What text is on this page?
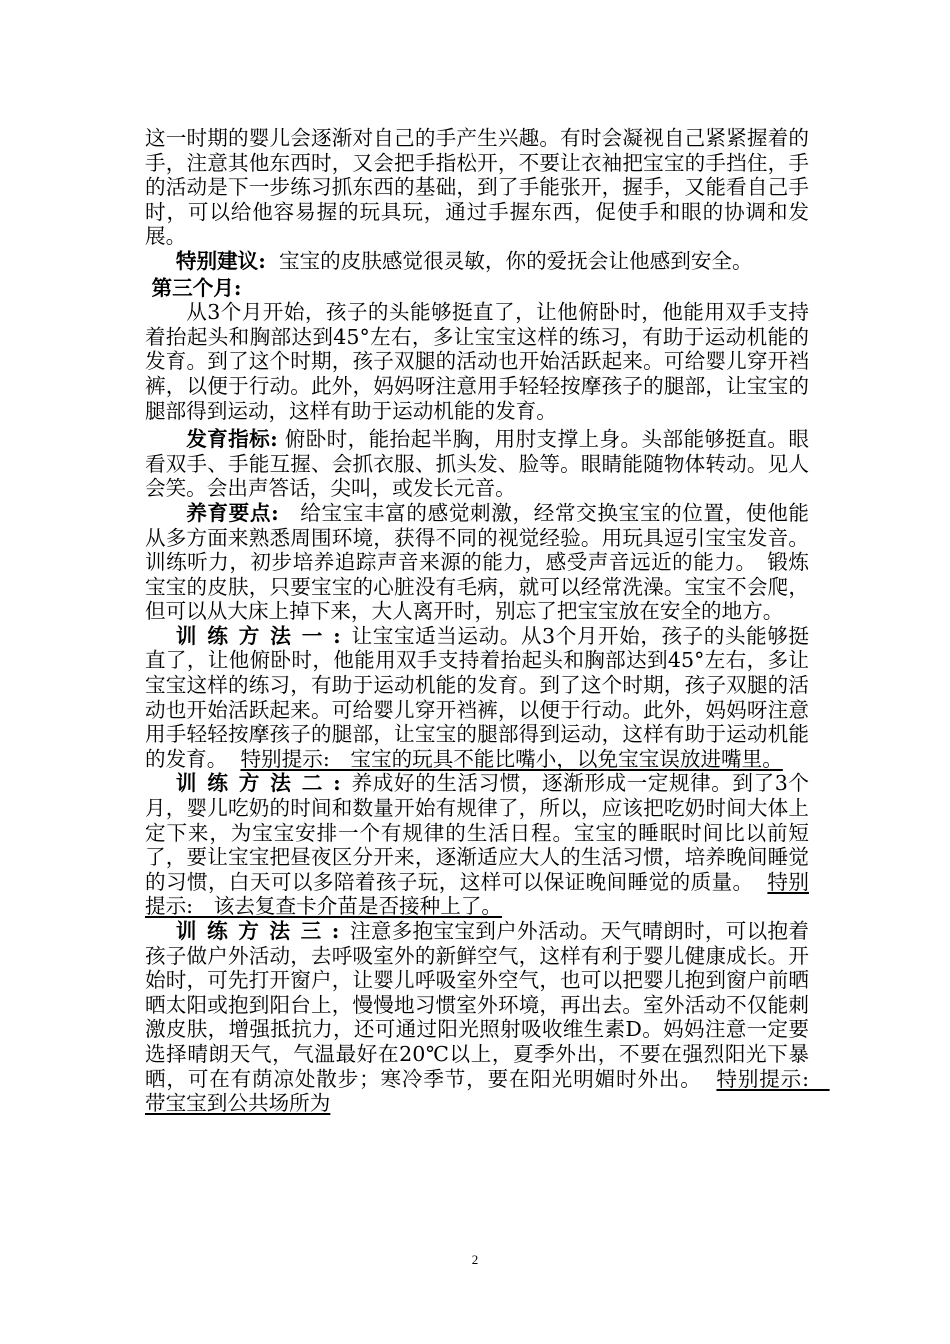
这一时期的婴儿会逐渐对自己的手产生兴趣。有时会凝视自己紧紧握着的手，注意其他东西时，又会把手指松开，不要让衣袖把宝宝的手挡住，手的活动是下一步练习抓东西的基础，到了手能张开，握手，又能看自己手时，可以给他容易握的玩具玩，通过手握东西，促使手和眼的协调和发展。

特别建议: 宝宝的皮肤感觉很灵敏，你的爱抚会让他感到安全。

第三个月:

从3个月开始，孩子的头能够挺直了，让他俯卧时，他能用双手支持着抬起头和胸部达到45°左右，多让宝宝这样的练习，有助于运动机能的发育。到了这个时期，孩子双腿的活动也开始活跃起来。可给婴儿穿开裆裤，以便于行动。此外，妈妈呀注意用手轻轻按摩孩子的腿部，让宝宝的腿部得到运动，这样有助于运动机能的发育。

发育指标: 俯卧时，能抬起半胸，用肘支撑上身。头部能够挺直。眼看双手、手能互握、会抓衣服、抓头发、脸等。眼睛能随物体转动。见人会笑。会出声答话，尖叫，或发长元音。

养育要点: 给宝宝丰富的感觉刺激，经常交换宝宝的位置，使他能从多方面来熟悉周围环境，获得不同的视觉经验。用玩具逗引宝宝发音。训练听力，初步培养追踪声音来源的能力，感受声音远近的能力。　锻炼宝宝的皮肤，只要宝宝的心脏没有毛病，就可以经常洗澡。宝宝不会爬，但可以从大床上掉下来，大人离开时，别忘了把宝宝放在安全的地方。

训练方法一:让宝宝适当运动。从3个月开始，孩子的头能够挺直了，让他俯卧时，他能用双手支持着抬起头和胸部达到45°左右，多让宝宝这样的练习，有助于运动机能的发育。到了这个时期，孩子双腿的活动也开始活跃起来。可给婴儿穿开裆裤，以便于行动。此外，妈妈呀注意用手轻轻按摩孩子的腿部，让宝宝的腿部得到运动，这样有助于运动机能的发育。 特别提示:　宝宝的玩具不能比嘴小，以免宝宝误放进嘴里。

训练方法二:养成好的生活习惯，逐渐形成一定规律。到了3个月，婴儿吃奶的时间和数量开始有规律了，所以，应该把吃奶时间大体上定下来，为宝宝安排一个有规律的生活日程。宝宝的睡眠时间比以前短了，要让宝宝把昼夜区分开来，逐渐适应大人的生活习惯，培养晚间睡觉的习惯，白天可以多陪着孩子玩，这样可以保证晚间睡觉的质量。 特别提示:　该去复查卡介苗是否接种上了。

训练方法三:注意多抱宝宝到户外活动。天气晴朗时，可以抱着孩子做户外活动，去呼吸室外的新鲜空气，这样有利于婴儿健康成长。开始时，可先打开窗户，让婴儿呼吸室外空气，也可以把婴儿抱到窗户前晒晒太阳或抱到阳台上，慢慢地习惯室外环境，再出去。室外活动不仅能刺激皮肤，增强抵抗力，还可通过阳光照射吸收维生素D。妈妈注意一定要选择晴朗天气，气温最好在20℃以上，夏季外出，不要在强烈阳光下暴晒，可在有荫凉处散步；寒冷季节，要在阳光明媚时外出。 特别提示:　带宝宝到公共场所为

2
